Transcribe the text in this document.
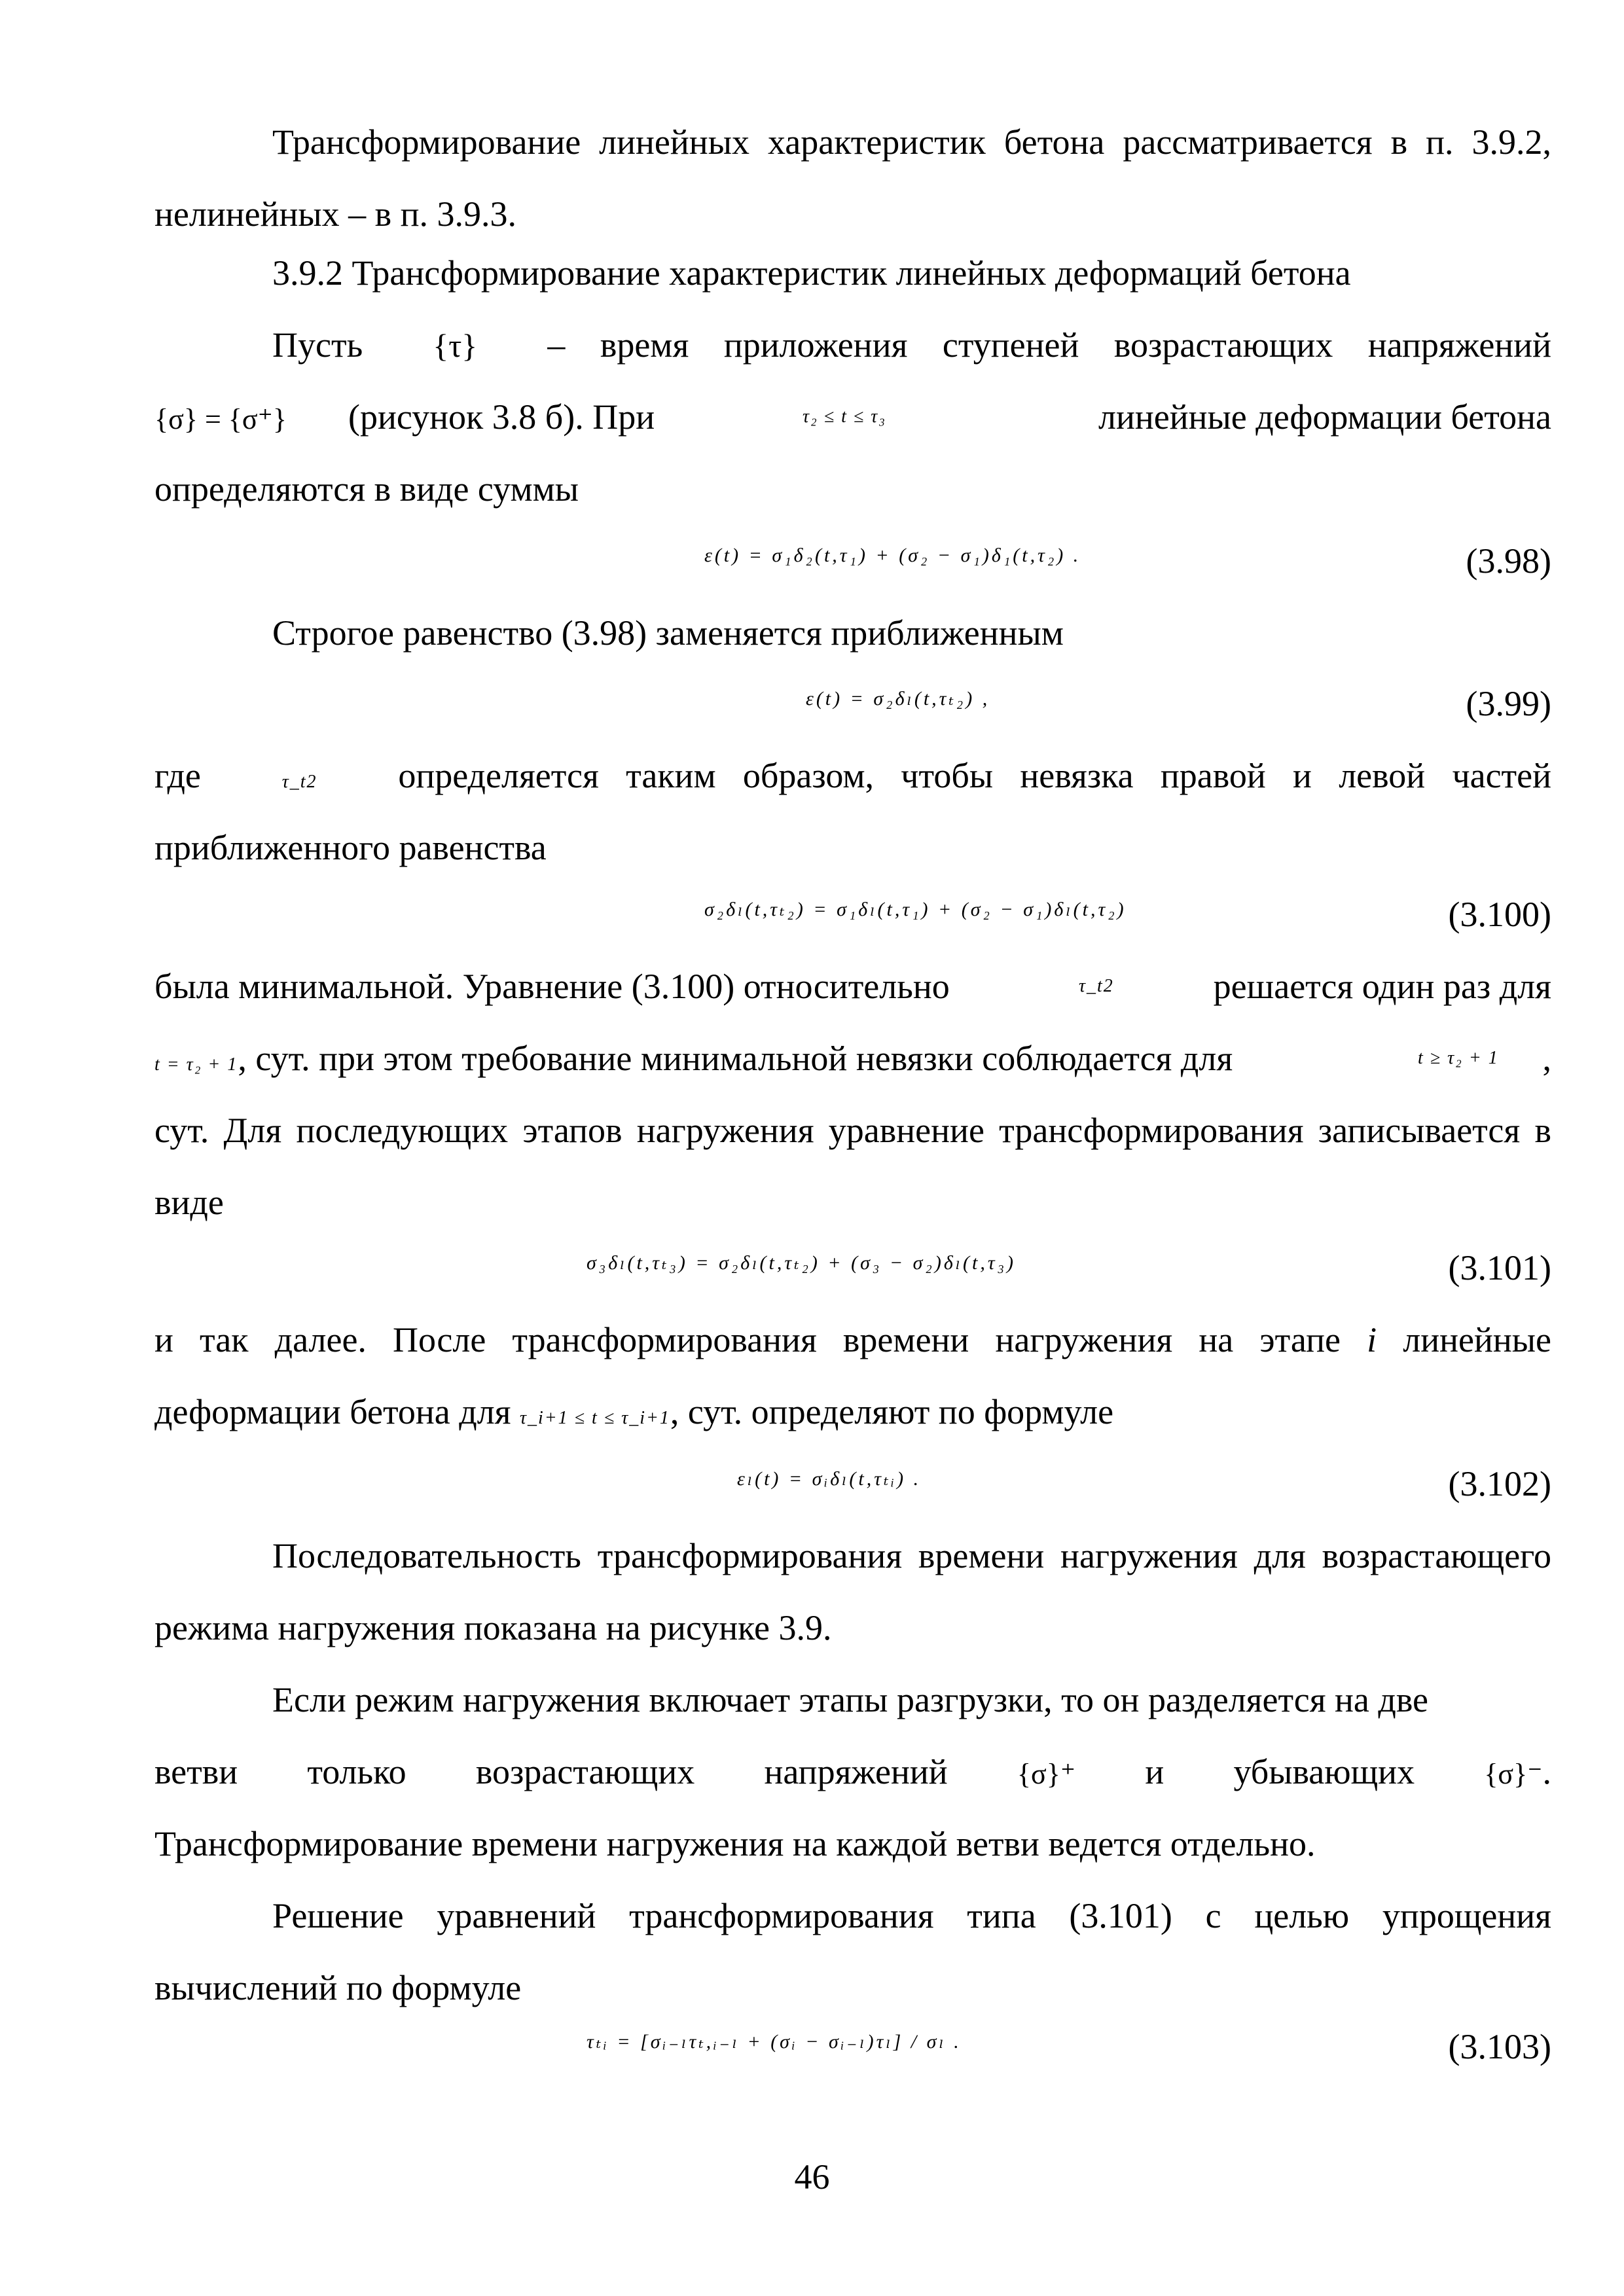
Трансформирование линейных характеристик бетона рассматривается в п. 3.9.2, нелинейных – в п. 3.9.3.
3.9.2 Трансформирование характеристик линейных деформаций бетона
Пусть {τ} – время приложения ступеней возрастающих напряжений
{σ} = {σ⁺} (рисунок 3.8 б). При	τ₂ ≤ t ≤ τ₃	линейные деформации бетона
определяются в виде суммы
ε(t) = σ₁δ₂(t,τ₁) + (σ₂ − σ₁)δ₁(t,τ₂) .	(3.98)
Строгое равенство (3.98) заменяется приближенным
ε(t) = σ₂δₗ(t,τₜ₂) ,	(3.99)
где	τ_t2 определяется таким образом, чтобы невязка правой и левой частей
приближенного равенства
σ₂δₗ(t,τₜ₂) = σ₁δₗ(t,τ₁) + (σ₂ − σ₁)δₗ(t,τ₂)	(3.100)
была минимальной. Уравнение (3.100) относительно	τ_t2	решается один раз для
t = τ₂ + 1, сут. при этом требование минимальной невязки соблюдается для	t ≥ τ₂ + 1 ,
сут. Для последующих этапов нагружения уравнение трансформирования записывается в виде
σ₃δₗ(t,τₜ₃) = σ₂δₗ(t,τₜ₂) + (σ₃ − σ₂)δₗ(t,τ₃)	(3.101)
и так далее. После трансформирования времени нагружения на этапе i линейные
деформации бетона для τ_i+1 ≤ t ≤ τ_i+1, сут. определяют по формуле
εₗ(t) = σᵢδₗ(t,τₜᵢ) .	(3.102)
Последовательность трансформирования времени нагружения для возрастающего режима нагружения показана на рисунке 3.9.
Если режим нагружения включает этапы разгрузки, то он разделяется на две
ветви только возрастающих напряжений {σ}⁺ и убывающих {σ}⁻.
Трансформирование времени нагружения на каждой ветви ведется отдельно.
Решение уравнений трансформирования типа (3.101) с целью упрощения вычислений по формуле
τₜᵢ = [σᵢ₋ₗτₜ,ᵢ₋ₗ + (σᵢ − σᵢ₋ₗ)τₗ] / σₗ .	(3.103)
46
